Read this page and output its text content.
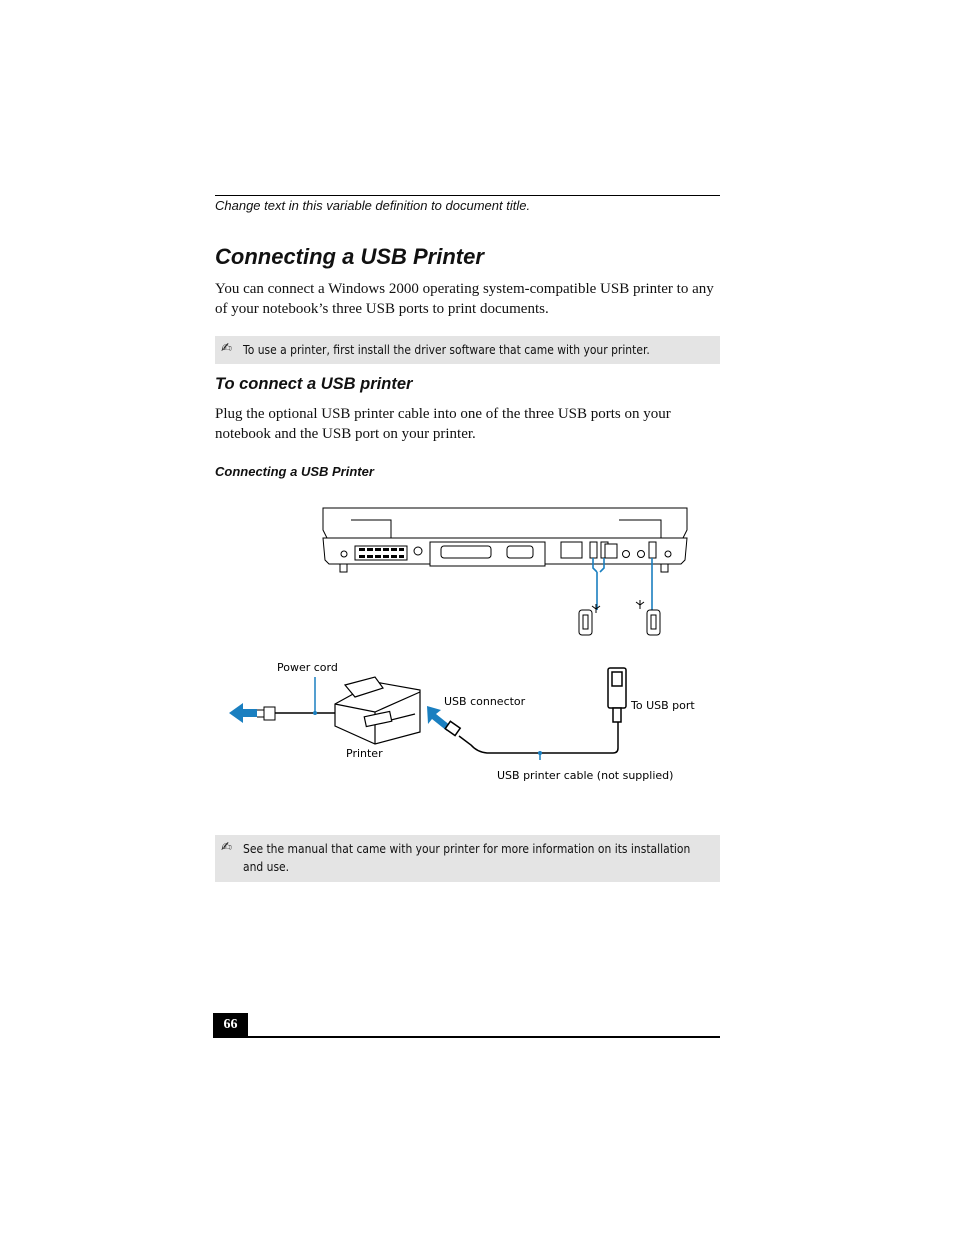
Change text in this variable definition to document title.
Connecting a USB Printer

You can connect a Windows 2000 operating system-compatible USB printer to any of your notebook’s three USB ports to print documents.

✍ To use a printer, first install the driver software that came with your printer.
To connect a USB printer

Plug the optional USB printer cable into one of the three USB ports on your notebook and the USB port on your printer.

Connecting a USB Printer
Power cord
USB connector
Printer
To USB port
USB printer cable (not supplied)
✍ See the manual that came with your printer for more information on its installation and use.
66
